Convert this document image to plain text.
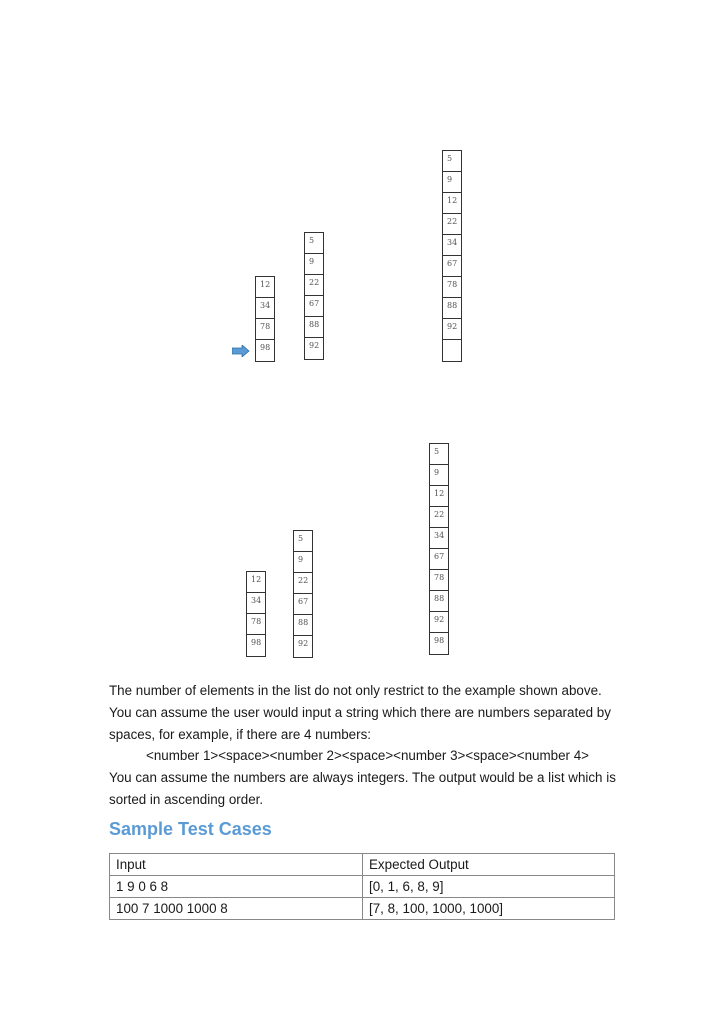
12
34
78
98
5
9
22
67
88
92
5
9
12
22
34
67
78
88
92
12
34
78
98
5
9
22
67
88
92
5
9
12
22
34
67
78
88
92
98

The number of elements in the list do not only restrict to the example shown above. You can assume the user would input a string which there are numbers separated by spaces, for example, if there are 4 numbers:

<number 1><space><number 2><space><number 3><space><number 4>

You can assume the numbers are always integers. The output would be a list which is sorted in ascending order.

Sample Test Cases
Input	Expected Output
1 9 0 6 8	[0, 1, 6, 8, 9]
100 7 1000 1000 8	[7, 8, 100, 1000, 1000]
